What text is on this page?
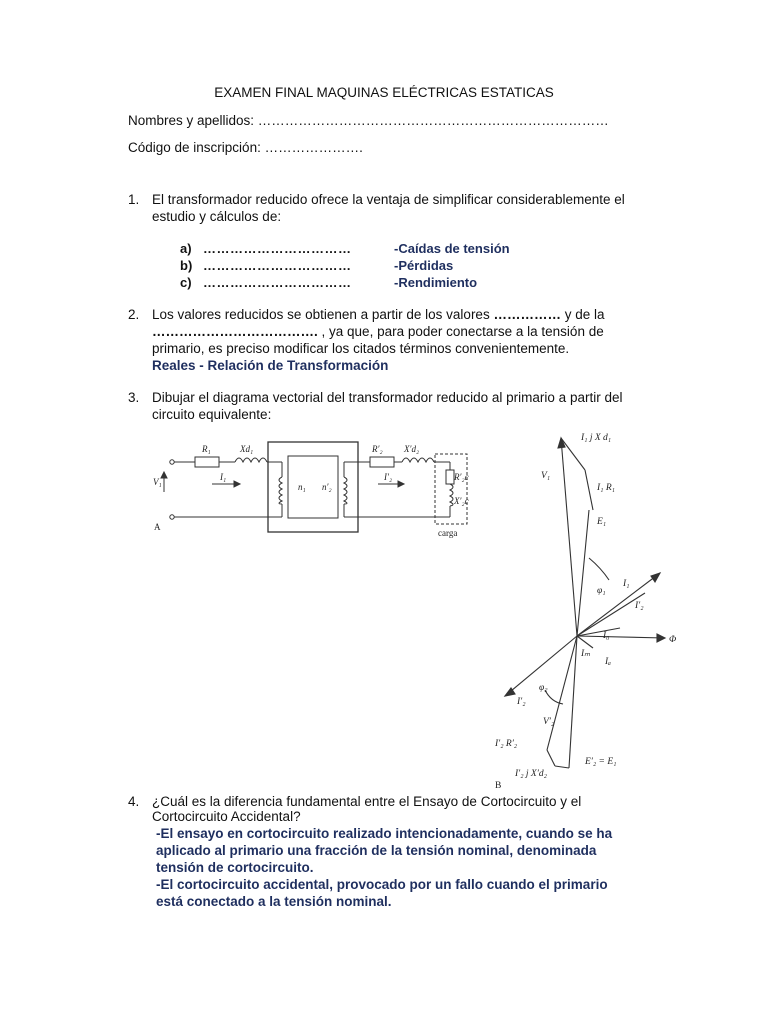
EXAMEN FINAL MAQUINAS ELÉCTRICAS ESTATICAS
Nombres y apellidos: ……………………………………………………………………
Código de inscripción: ………………….
1. El transformador reducido ofrece la ventaja de simplificar considerablemente el
estudio y cálculos de:
a) ……………………………	-Caídas de tensión
b) ……………………………	-Pérdidas
c) ……………………………	-Rendimiento
2. Los valores reducidos se obtienen a partir de los valores …………… y de la
………………………………. , ya que, para poder conectarse a la tensión de
primario, es preciso modificar los citados términos convenientemente.
Reales - Relación de Transformación
3. Dibujar el diagrama vectorial del transformador reducido al primario a partir del
circuito equivalente:
R₁	Xd₁	R′₂ X′d₂
V₁	I₁
n₁ n′₂
I′₂	R′₂c
X′₂c
A
carga
I₁ j X d₁
V₁
I₁ R₁
E₁
I₁
φ₁
I′₂
I₀
Iₘ
Iₐ
Φ
I′₂
φ₂
V′₂
I′₂ R′₂
E′₂ = E₁
I′₂ j X′d₂
B
4. ¿Cuál es la diferencia fundamental entre el Ensayo de Cortocircuito y el
Cortocircuito Accidental?
-El ensayo en cortocircuito realizado intencionadamente, cuando se ha
aplicado al primario una fracción de la tensión nominal, denominada
tensión de cortocircuito.
-El cortocircuito accidental, provocado por un fallo cuando el primario
está conectado a la tensión nominal.
